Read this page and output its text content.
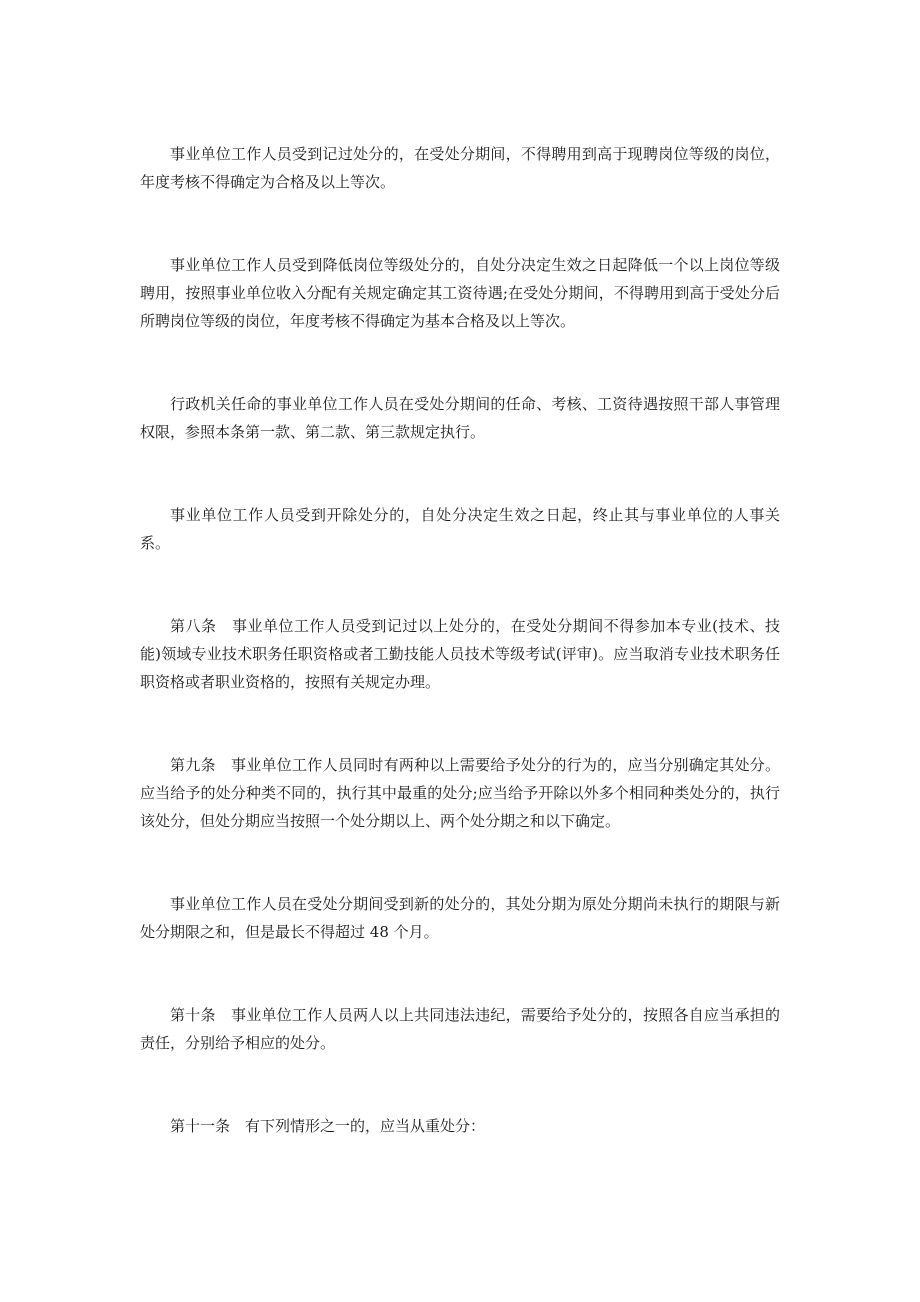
事业单位工作人员受到记过处分的，在受处分期间，不得聘用到高于现聘岗位等级的岗位，年度考核不得确定为合格及以上等次。

事业单位工作人员受到降低岗位等级处分的，自处分决定生效之日起降低一个以上岗位等级聘用，按照事业单位收入分配有关规定确定其工资待遇;在受处分期间，不得聘用到高于受处分后所聘岗位等级的岗位，年度考核不得确定为基本合格及以上等次。

行政机关任命的事业单位工作人员在受处分期间的任命、考核、工资待遇按照干部人事管理权限，参照本条第一款、第二款、第三款规定执行。

事业单位工作人员受到开除处分的，自处分决定生效之日起，终止其与事业单位的人事关系。

第八条　事业单位工作人员受到记过以上处分的，在受处分期间不得参加本专业(技术、技能)领域专业技术职务任职资格或者工勤技能人员技术等级考试(评审)。应当取消专业技术职务任职资格或者职业资格的，按照有关规定办理。

第九条　事业单位工作人员同时有两种以上需要给予处分的行为的，应当分别确定其处分。应当给予的处分种类不同的，执行其中最重的处分;应当给予开除以外多个相同种类处分的，执行该处分，但处分期应当按照一个处分期以上、两个处分期之和以下确定。

事业单位工作人员在受处分期间受到新的处分的，其处分期为原处分期尚未执行的期限与新处分期限之和，但是最长不得超过 48 个月。

第十条　事业单位工作人员两人以上共同违法违纪，需要给予处分的，按照各自应当承担的责任，分别给予相应的处分。

第十一条　有下列情形之一的，应当从重处分：
